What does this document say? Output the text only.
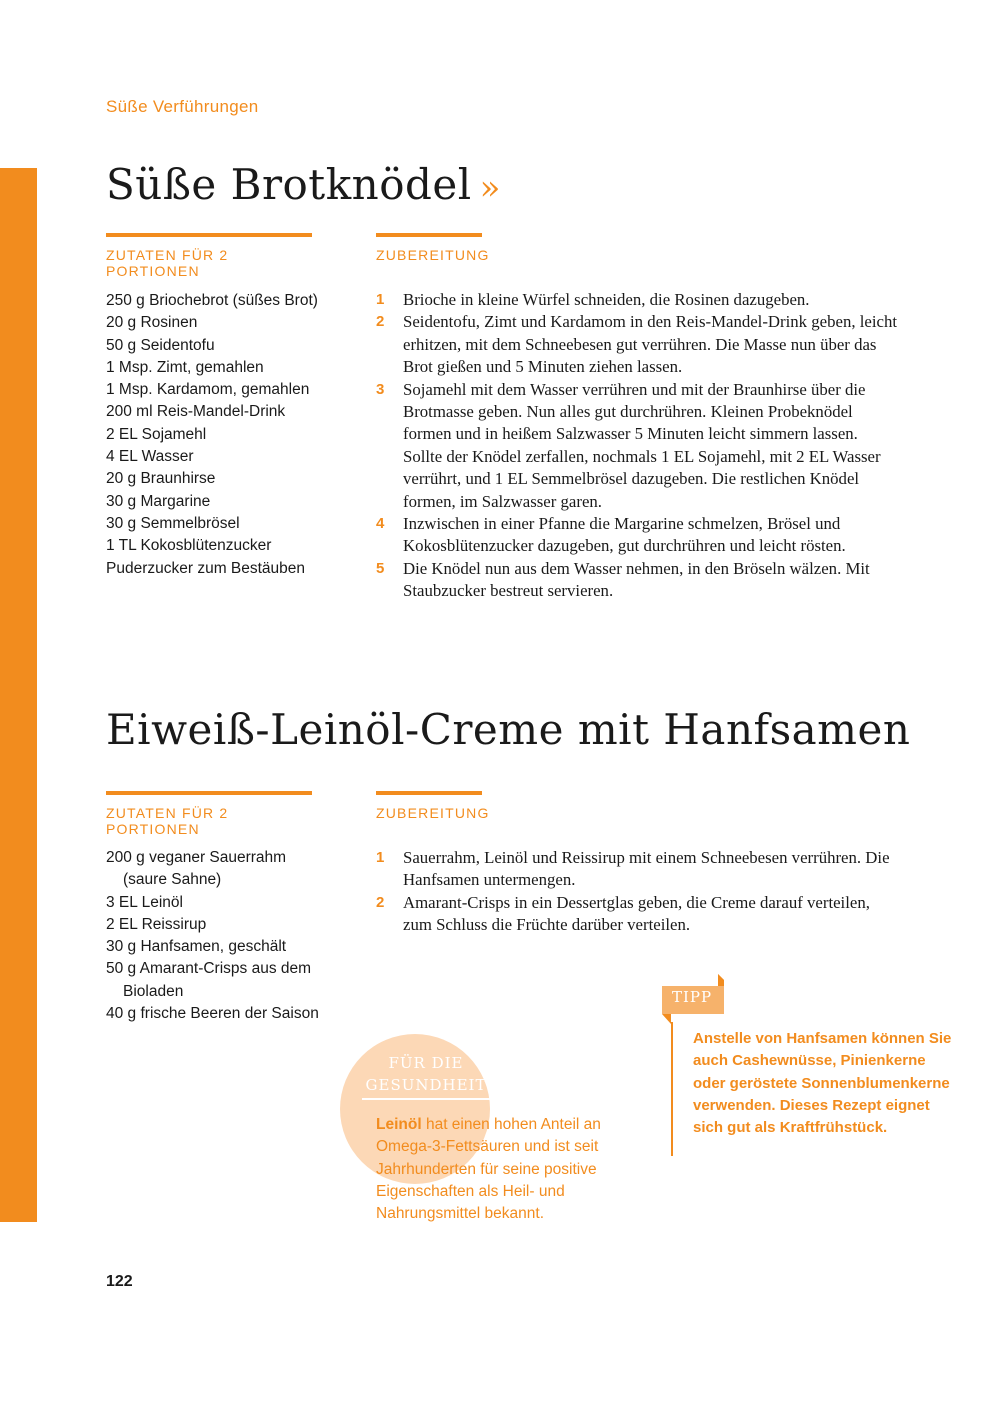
Süße Verführungen
Süße Brotknödel »
ZUTATEN FÜR 2 PORTIONEN
ZUBEREITUNG
250 g Briochebrot (süßes Brot)
20 g Rosinen
50 g Seidentofu
1 Msp. Zimt, gemahlen
1 Msp. Kardamom, gemahlen
200 ml Reis-Mandel-Drink
2 EL Sojamehl
4 EL Wasser
20 g Braunhirse
30 g Margarine
30 g Semmelbrösel
1 TL Kokosblütenzucker
Puderzucker zum Bestäuben
1 Brioche in kleine Würfel schneiden, die Rosinen dazugeben.
2 Seidentofu, Zimt und Kardamom in den Reis-Mandel-Drink geben, leicht erhitzen, mit dem Schneebesen gut verrühren. Die Masse nun über das Brot gießen und 5 Minuten ziehen lassen.
3 Sojamehl mit dem Wasser verrühren und mit der Braunhirse über die Brotmasse geben. Nun alles gut durchrühren. Kleinen Probeknödel formen und in heißem Salzwasser 5 Minuten leicht simmern lassen. Sollte der Knödel zerfallen, nochmals 1 EL Sojamehl, mit 2 EL Wasser verrührt, und 1 EL Semmelbrösel dazugeben. Die restlichen Knödel formen, im Salzwasser garen.
4 Inzwischen in einer Pfanne die Margarine schmelzen, Brösel und Kokosblütenzucker dazugeben, gut durchrühren und leicht rösten.
5 Die Knödel nun aus dem Wasser nehmen, in den Bröseln wälzen. Mit Staubzucker bestreut servieren.
Eiweiß-Leinöl-Creme mit Hanfsamen
ZUTATEN FÜR 2 PORTIONEN
ZUBEREITUNG
200 g veganer Sauerrahm (saure Sahne)
3 EL Leinöl
2 EL Reissirup
30 g Hanfsamen, geschält
50 g Amarant-Crisps aus dem Bioladen
40 g frische Beeren der Saison
1 Sauerrahm, Leinöl und Reissirup mit einem Schneebesen verrühren. Die Hanfsamen untermengen.
2 Amarant-Crisps in ein Dessertglas geben, die Creme darauf verteilen, zum Schluss die Früchte darüber verteilen.
FÜR DIE
GESUNDHEIT
Leinöl hat einen hohen Anteil an Omega-3-Fettsäuren und ist seit Jahrhunderten für seine positive Eigenschaften als Heil- und Nahrungsmittel bekannt.
TIPP
Anstelle von Hanfsamen können Sie auch Cashewnüsse, Pinienkerne oder geröstete Sonnenblumenkerne verwenden. Dieses Rezept eignet sich gut als Kraftfrühstück.
122
